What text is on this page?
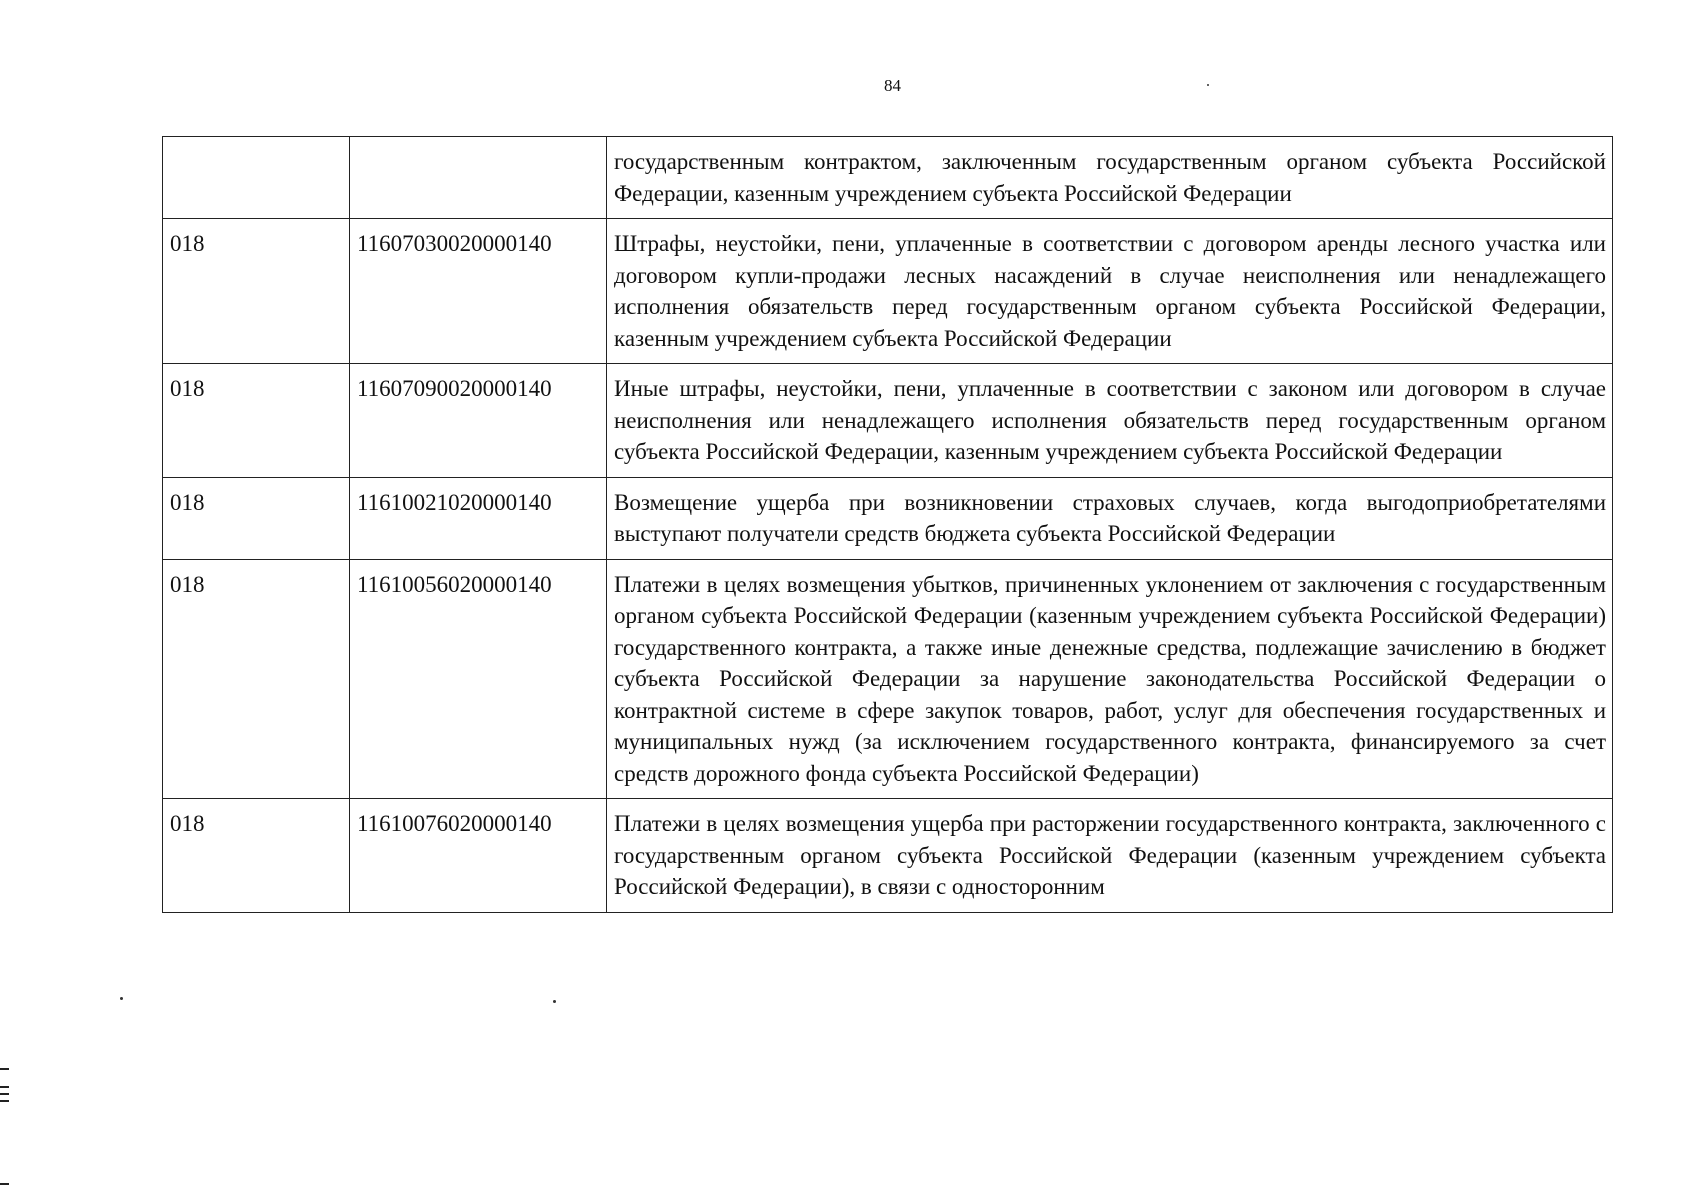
84
		государственным контрактом, заключенным государственным органом субъекта Российской Федерации, казенным учреждением субъекта Российской Федерации
018	11607030020000140	Штрафы, неустойки, пени, уплаченные в соответствии с договором аренды лесного участка или договором купли-продажи лесных насаждений в случае неисполнения или ненадлежащего исполнения обязательств перед государственным органом субъекта Российской Федерации, казенным учреждением субъекта Российской Федерации
018	11607090020000140	Иные штрафы, неустойки, пени, уплаченные в соответствии с законом или договором в случае неисполнения или ненадлежащего исполнения обязательств перед государственным органом субъекта Российской Федерации, казенным учреждением субъекта Российской Федерации
018	11610021020000140	Возмещение ущерба при возникновении страховых случаев, когда выгодоприобретателями выступают получатели средств бюджета субъекта Российской Федерации
018	11610056020000140	Платежи в целях возмещения убытков, причиненных уклонением от заключения с государственным органом субъекта Российской Федерации (казенным учреждением субъекта Российской Федерации) государственного контракта, а также иные денежные средства, подлежащие зачислению в бюджет субъекта Российской Федерации за нарушение законодательства Российской Федерации о контрактной системе в сфере закупок товаров, работ, услуг для обеспечения государственных и муниципальных нужд (за исключением государственного контракта, финансируемого за счет средств дорожного фонда субъекта Российской Федерации)
018	11610076020000140	Платежи в целях возмещения ущерба при расторжении государственного контракта, заключенного с государственным органом субъекта Российской Федерации (казенным учреждением субъекта Российской Федерации), в связи с односторонним
